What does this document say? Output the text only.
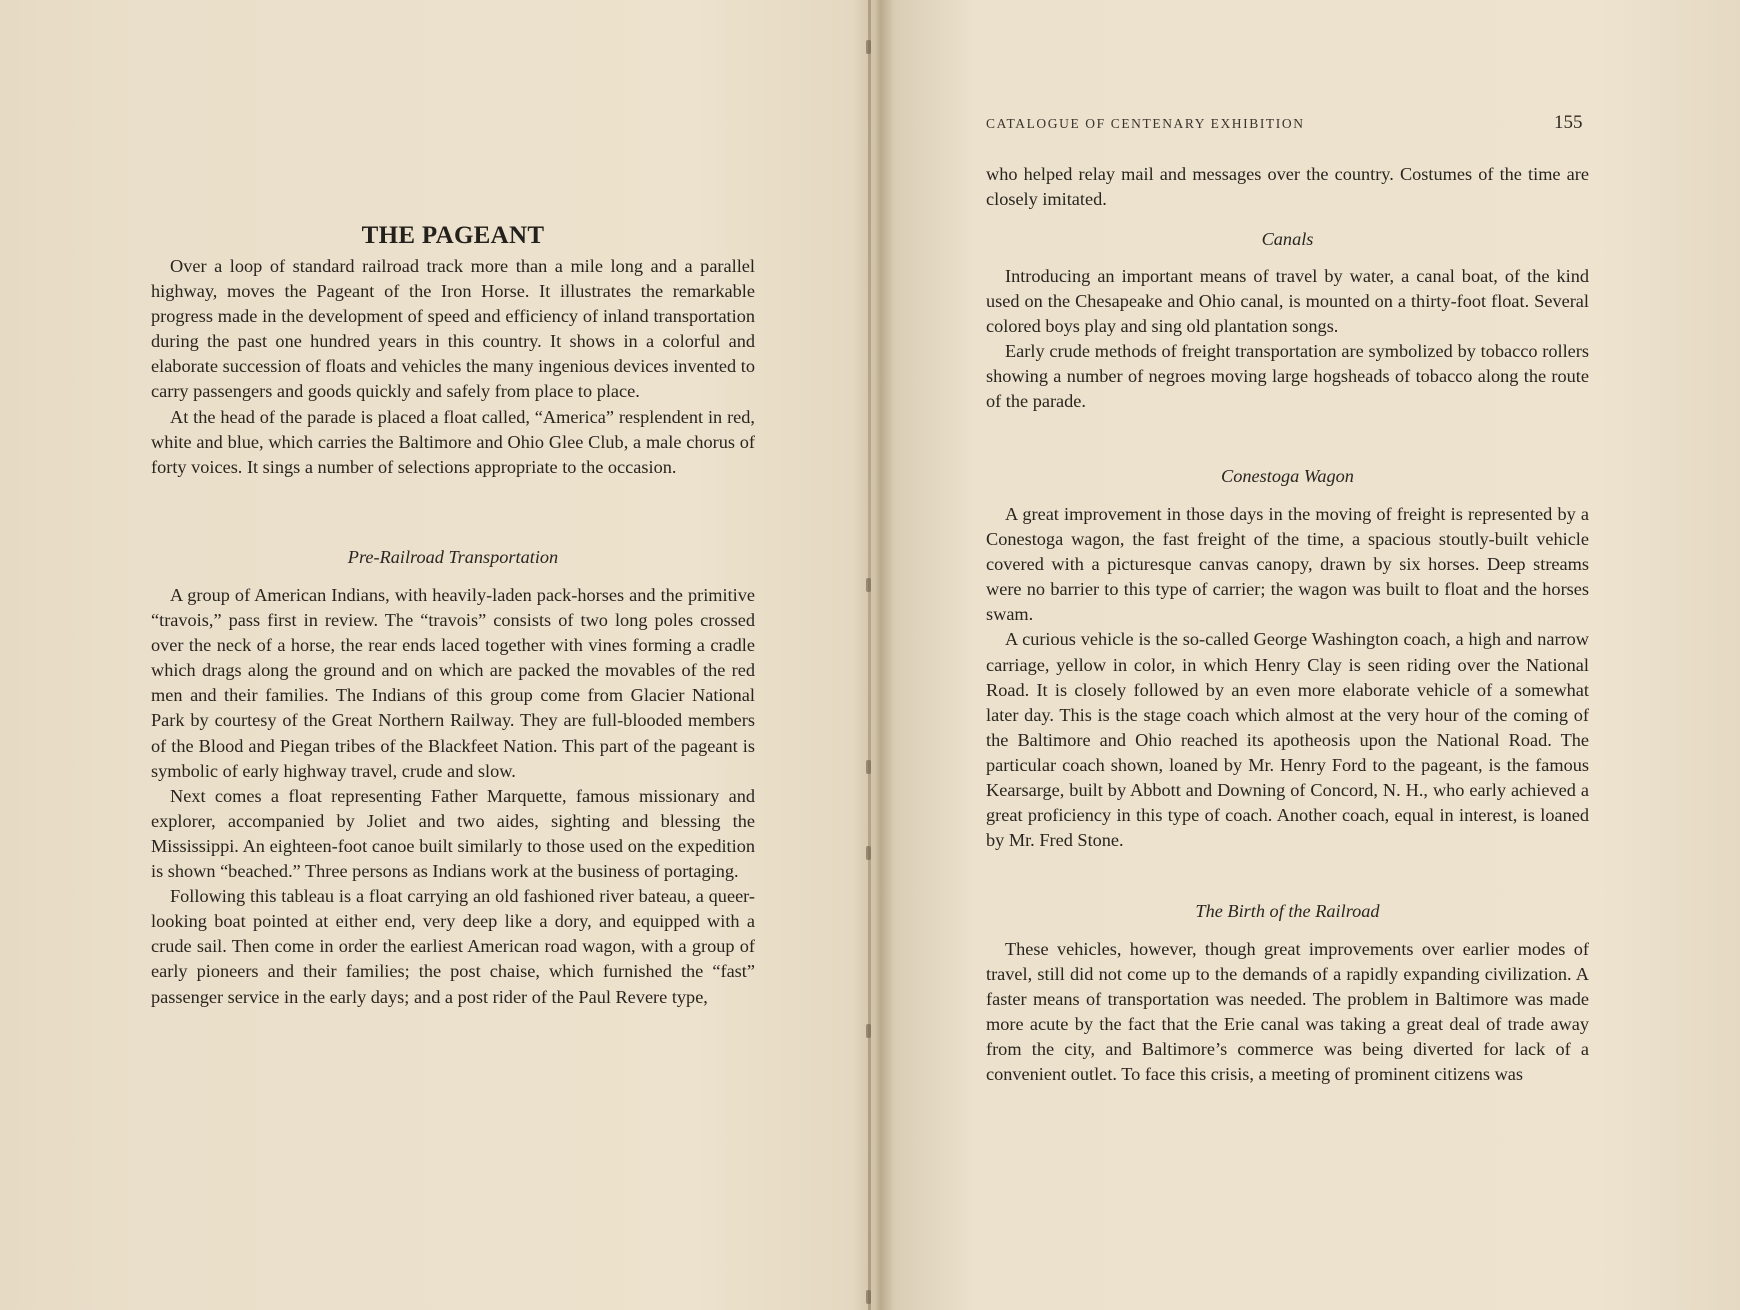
THE PAGEANT

Over a loop of standard railroad track more than a mile long and a parallel highway, moves the Pageant of the Iron Horse. It illustrates the remarkable progress made in the development of speed and efficiency of inland transportation during the past one hundred years in this country. It shows in a colorful and elaborate succession of floats and vehicles the many ingenious devices invented to carry passengers and goods quickly and safely from place to place.

At the head of the parade is placed a float called, “America” resplendent in red, white and blue, which carries the Baltimore and Ohio Glee Club, a male chorus of forty voices. It sings a number of selections appropriate to the occasion.

Pre-Railroad Transportation

A group of American Indians, with heavily-laden pack-horses and the primitive “travois,” pass first in review. The “travois” consists of two long poles crossed over the neck of a horse, the rear ends laced together with vines forming a cradle which drags along the ground and on which are packed the movables of the red men and their families. The Indians of this group come from Glacier National Park by courtesy of the Great Northern Railway. They are full-blooded members of the Blood and Piegan tribes of the Blackfeet Nation. This part of the pageant is symbolic of early highway travel, crude and slow.

Next comes a float representing Father Marquette, famous missionary and explorer, accompanied by Joliet and two aides, sighting and blessing the Mississippi. An eighteen-foot canoe built similarly to those used on the expedition is shown “beached.” Three persons as Indians work at the business of portaging.

Following this tableau is a float carrying an old fashioned river bateau, a queer-looking boat pointed at either end, very deep like a dory, and equipped with a crude sail. Then come in order the earliest American road wagon, with a group of early pioneers and their families; the post chaise, which furnished the “fast” passenger service in the early days; and a post rider of the Paul Revere type,

CATALOGUE OF CENTENARY EXHIBITION	155

who helped relay mail and messages over the country. Costumes of the time are closely imitated.

Canals

Introducing an important means of travel by water, a canal boat, of the kind used on the Chesapeake and Ohio canal, is mounted on a thirty-foot float. Several colored boys play and sing old plantation songs.

Early crude methods of freight transportation are symbolized by tobacco rollers showing a number of negroes moving large hogsheads of tobacco along the route of the parade.

Conestoga Wagon

A great improvement in those days in the moving of freight is represented by a Conestoga wagon, the fast freight of the time, a spacious stoutly-built vehicle covered with a picturesque canvas canopy, drawn by six horses. Deep streams were no barrier to this type of carrier; the wagon was built to float and the horses swam.

A curious vehicle is the so-called George Washington coach, a high and narrow carriage, yellow in color, in which Henry Clay is seen riding over the National Road. It is closely followed by an even more elaborate vehicle of a somewhat later day. This is the stage coach which almost at the very hour of the coming of the Baltimore and Ohio reached its apotheosis upon the National Road. The particular coach shown, loaned by Mr. Henry Ford to the pageant, is the famous Kearsarge, built by Abbott and Downing of Concord, N. H., who early achieved a great proficiency in this type of coach. Another coach, equal in interest, is loaned by Mr. Fred Stone.

The Birth of the Railroad

These vehicles, however, though great improvements over earlier modes of travel, still did not come up to the demands of a rapidly expanding civilization. A faster means of transportation was needed. The problem in Baltimore was made more acute by the fact that the Erie canal was taking a great deal of trade away from the city, and Baltimore’s commerce was being diverted for lack of a convenient outlet. To face this crisis, a meeting of prominent citizens was
